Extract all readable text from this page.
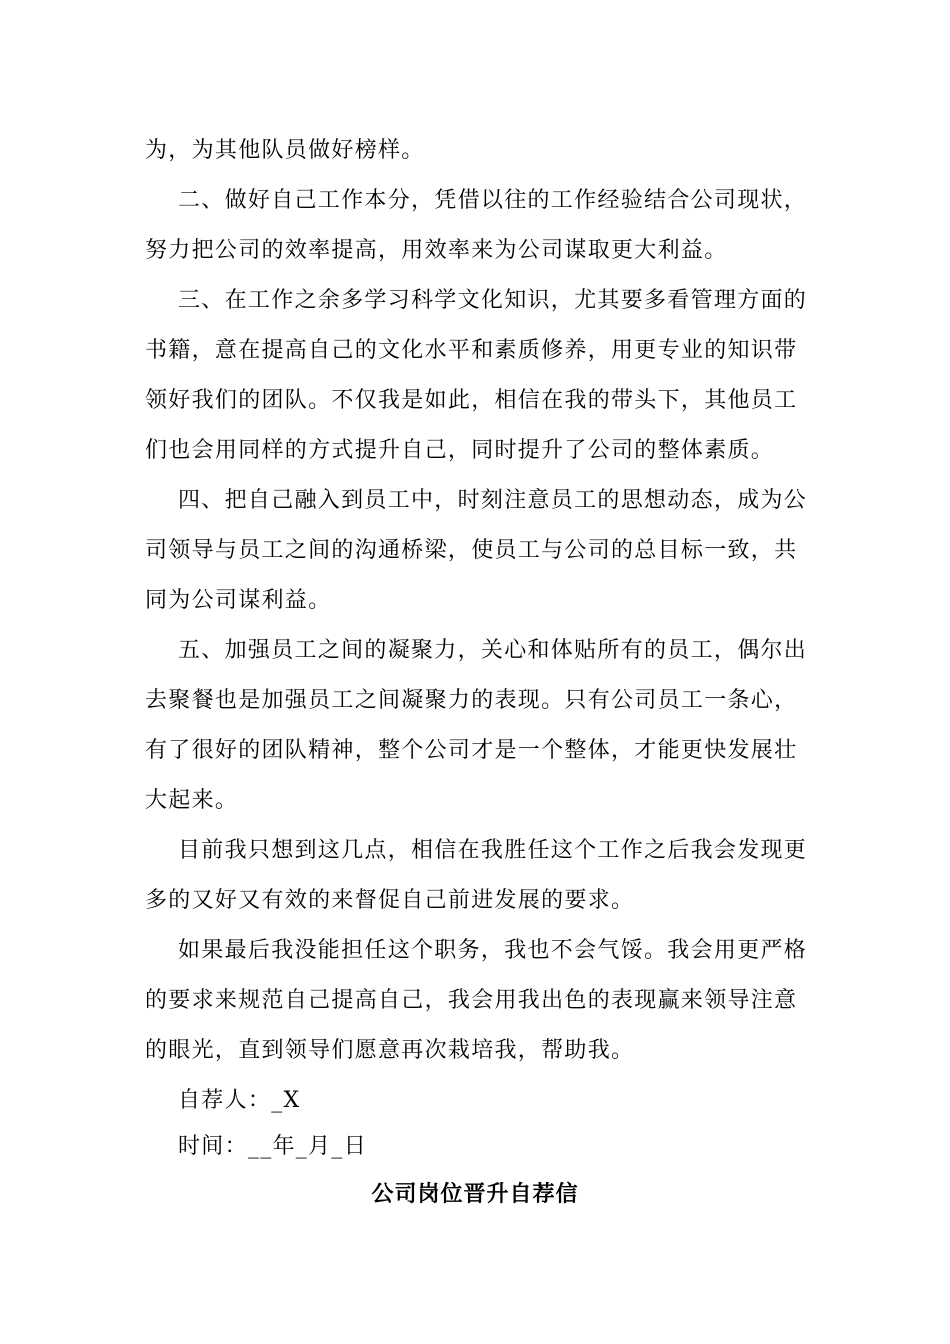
为，为其他队员做好榜样。
二、做好自己工作本分，凭借以往的工作经验结合公司现状，
努力把公司的效率提高，用效率来为公司谋取更大利益。
三、在工作之余多学习科学文化知识，尤其要多看管理方面的
书籍，意在提高自己的文化水平和素质修养，用更专业的知识带
领好我们的团队。不仅我是如此，相信在我的带头下，其他员工
们也会用同样的方式提升自己，同时提升了公司的整体素质。
四、把自己融入到员工中，时刻注意员工的思想动态，成为公
司领导与员工之间的沟通桥梁，使员工与公司的总目标一致，共
同为公司谋利益。
五、加强员工之间的凝聚力，关心和体贴所有的员工，偶尔出
去聚餐也是加强员工之间凝聚力的表现。只有公司员工一条心，
有了很好的团队精神，整个公司才是一个整体，才能更快发展壮
大起来。
目前我只想到这几点，相信在我胜任这个工作之后我会发现更
多的又好又有效的来督促自己前进发展的要求。
如果最后我没能担任这个职务，我也不会气馁。我会用更严格
的要求来规范自己提高自己，我会用我出色的表现赢来领导注意
的眼光，直到领导们愿意再次栽培我，帮助我。
自荐人：_X
时间：__年_月_日
公司岗位晋升自荐信
